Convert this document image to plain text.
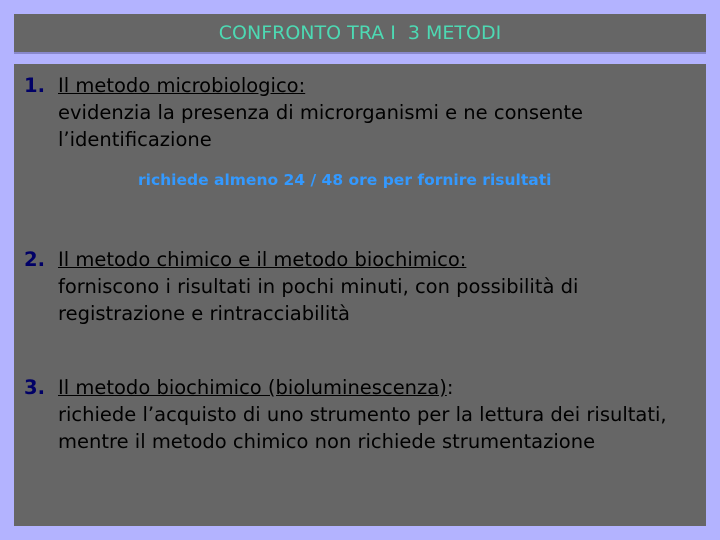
CONFRONTO TRA I  3 METODI
1. Il metodo microbiologico:
evidenzia la presenza di microrganismi e ne consente l’identificazione
richiede almeno 24 / 48 ore per fornire risultati
2. Il metodo chimico e il metodo biochimico:
forniscono i risultati in pochi minuti, con possibilità di registrazione e rintracciabilità
3. Il metodo biochimico (bioluminescenza):
richiede l’acquisto di uno strumento per la lettura dei risultati, mentre il metodo chimico non richiede strumentazione
